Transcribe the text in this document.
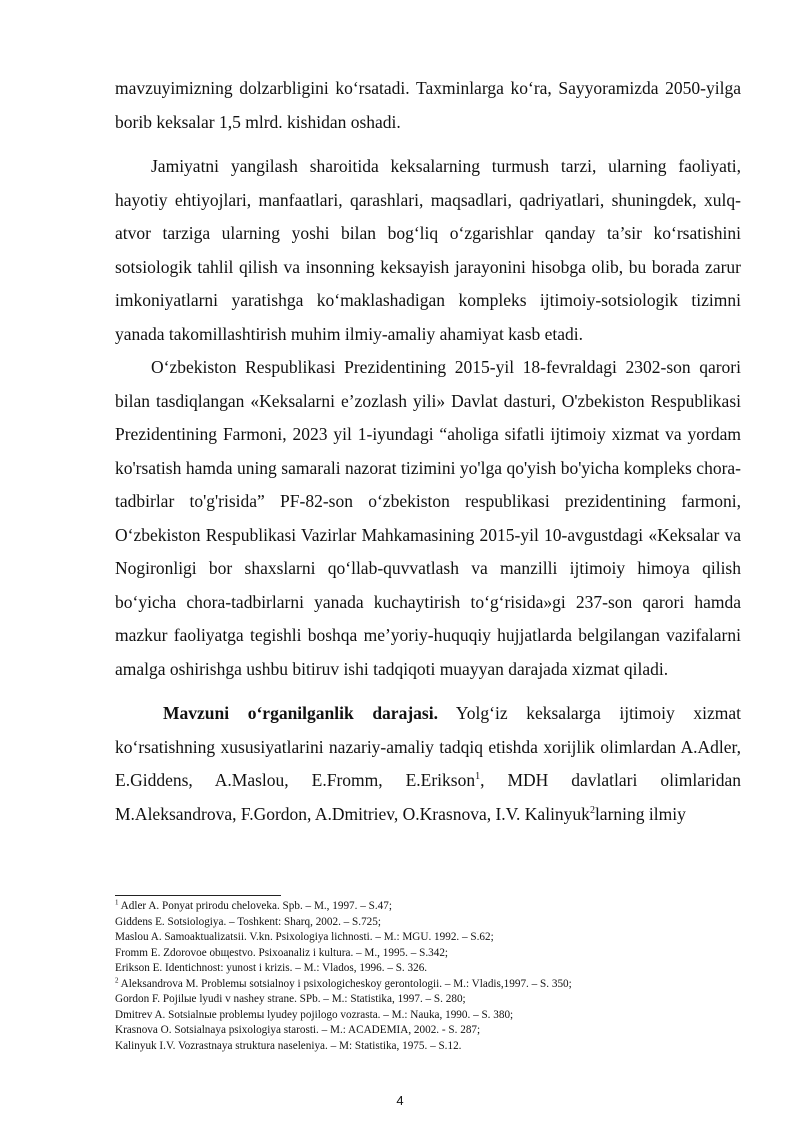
mavzuyimizning dolzarbligini ko‘rsatadi. Taxminlarga ko‘ra, Sayyoramizda 2050-yilga borib keksalar 1,5 mlrd. kishidan oshadi.

Jamiyatni yangilash sharoitida keksalarning turmush tarzi, ularning faoliyati, hayotiy ehtiyojlari, manfaatlari, qarashlari, maqsadlari, qadriyatlari, shuningdek, xulq-atvor tarziga ularning yoshi bilan bog‘liq o‘zgarishlar qanday ta’sir ko‘rsatishini sotsiologik tahlil qilish va insonning keksayish jarayonini hisobga olib, bu borada zarur imkoniyatlarni yaratishga ko‘maklashadigan kompleks ijtimoiy-sotsiologik tizimni yanada takomillashtirish muhim ilmiy-amaliy ahamiyat kasb etadi.

O‘zbekiston Respublikasi Prezidentining 2015-yil 18-fevraldagi 2302-son qarori bilan tasdiqlangan «Keksalarni e’zozlash yili» Davlat dasturi, O'zbekiston Respublikasi Prezidentining Farmoni, 2023 yil 1-iyundagi “aholiga sifatli ijtimoiy xizmat va yordam ko'rsatish hamda uning samarali nazorat tizimini yo'lga qo'yish bo'yicha kompleks chora-tadbirlar to'g'risida” PF-82-son o‘zbekiston respublikasi prezidentining farmoni, O‘zbekiston Respublikasi Vazirlar Mahkamasining 2015-yil 10-avgustdagi «Keksalar va Nogironligi bor shaxslarni qo‘llab-quvvatlash va manzilli ijtimoiy himoya qilish bo‘yicha chora-tadbirlarni yanada kuchaytirish to‘g‘risida»gi 237-son qarori hamda mazkur faoliyatga tegishli boshqa me’yoriy-huquqiy hujjatlarda belgilangan vazifalarni amalga oshirishga ushbu bitiruv ishi tadqiqoti muayyan darajada xizmat qiladi.

Mavzuni o‘rganilganlik darajasi. Yolg‘iz keksalarga ijtimoiy xizmat ko‘rsatishning xususiyatlarini nazariy-amaliy tadqiq etishda xorijlik olimlardan A.Adler, E.Giddens, A.Maslou, E.Fromm, E.Erikson$^1$, MDH davlatlari olimlaridan M.Aleksandrova, F.Gordon, A.Dmitriev, O.Krasnova, I.V. Kalinyuk$^2$larning ilmiy

$^1$ Adler A. Ponyat prirodu cheloveka. Spb. – M., 1997. – S.47;

Giddens E. Sotsiologiya. – Toshkent: Sharq, 2002. – S.725;

Maslou A. Samoaktualizatsii. V.kn. Psixologiya lichnosti. – M.: MGU. 1992. – S.62;

Fromm E. Zdorovoe obщestvo. Psixoanaliz i kultura. – M., 1995. – S.342;

Erikson E. Identichnost: yunost i krizis. – M.: Vlados, 1996. – S. 326.

$^2$ Aleksandrova M. Problemы sotsialnoy i psixologicheskoy gerontologii. – M.: Vladis,1997. – S. 350;

Gordon F. Pojilыe lyudi v nashey strane. SPb. – M.: Statistika, 1997. – S. 280;

Dmitrev A. Sotsialnыe problemы lyudey pojilogo vozrasta. – M.: Nauka, 1990. – S. 380;

Krasnova O. Sotsialnaya psixologiya starosti. – M.: ACADEMIA, 2002. - S. 287;

Kalinyuk I.V. Vozrastnaya struktura naseleniya. – M: Statistika, 1975. – S.12.

4
